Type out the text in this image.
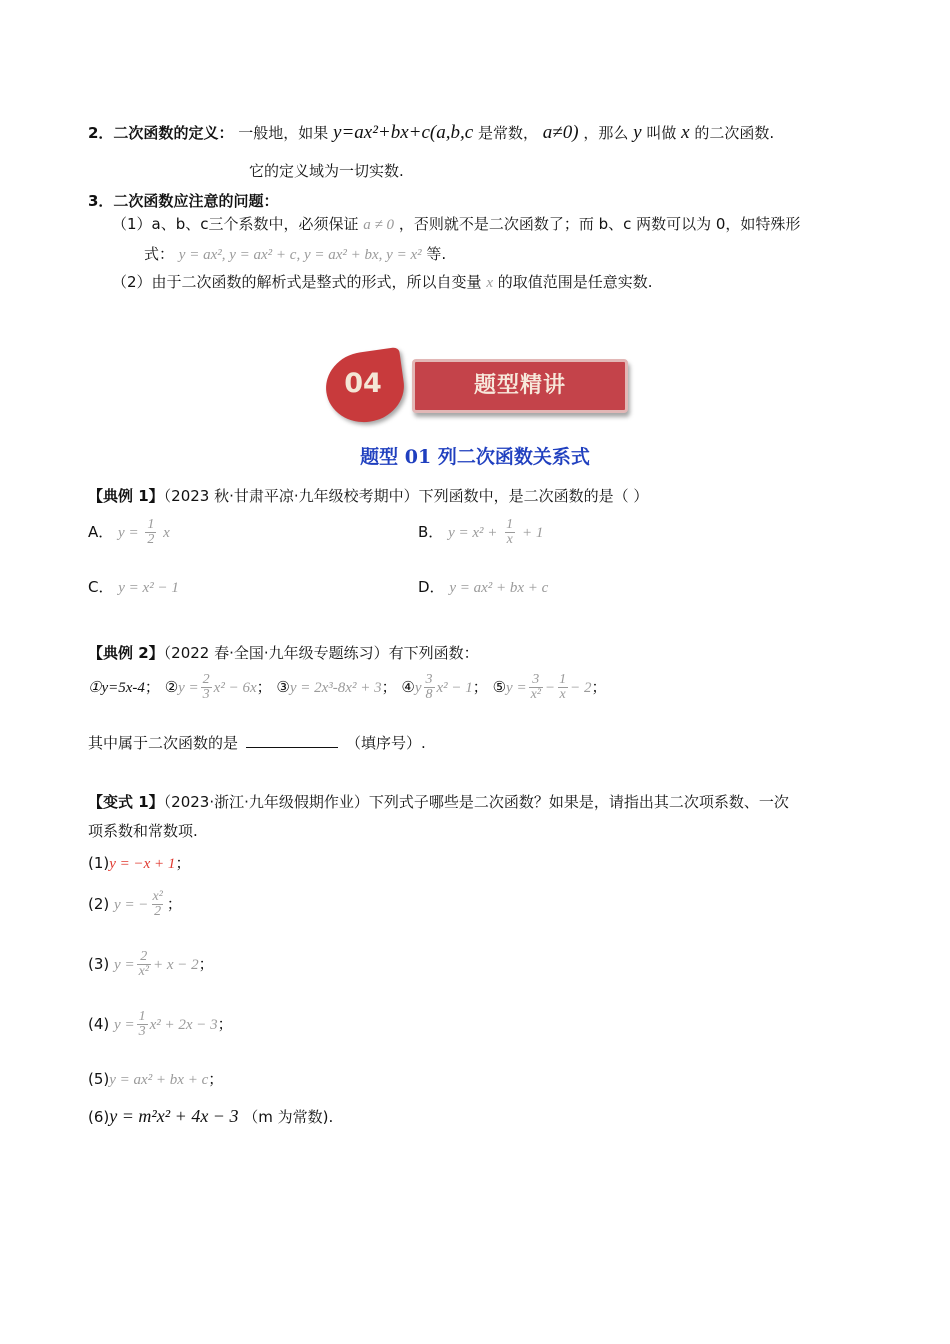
2．二次函数的定义： 一般地，如果 y=ax²+bx+c(a,b,c 是常数， a≠0) ，那么 y 叫做 x 的二次函数.
它的定义域为一切实数.
3．二次函数应注意的问题：
（1）a、b、c三个系数中，必须保证 a ≠ 0 ，否则就不是二次函数了；而 b、c 两数可以为 0，如特殊形
式： y = ax², y = ax² + c, y = ax² + bx, y = x² 等.
（2）由于二次函数的解析式是整式的形式，所以自变量 x 的取值范围是任意实数.
04	题型精讲
题型 01 列二次函数关系式
【典例 1】（2023 秋·甘肃平凉·九年级校考期中）下列函数中，是二次函数的是（ ）
A． $y = \frac{1}{2}$ x	B． $y = x^2 + \frac{1}{x} + 1$
C． y = x² − 1	D． y = ax² + bx + c
【典例 2】（2022 春·全国·九年级专题练习）有下列函数：
①y=5x-4； ②y = $\frac{2}{3} x^2 - 6x$； ③y = 2x³-8x² + 3； ④y $\frac{3}{8} x^2 - 1$； ⑤y = $\frac{3}{\text{x²}} - \frac{1}{x} - 2$；
其中属于二次函数的是	（填序号）.
【变式 1】（2023·浙江·九年级假期作业）下列式子哪些是二次函数？如果是，请指出其二次项系数、一次
项系数和常数项.
(1)y = −x + 1；
(2) y = − $\frac{\text{x²}}{2}$ ；
(3) $y = \frac{2}{\text{x²}} + x - 2$；
(4) $y = \frac{1}{3} x^2 + 2x - 3$；
(5)y = ax² + bx + c；
(6)y = m²x² + 4x − 3 （m 为常数).
